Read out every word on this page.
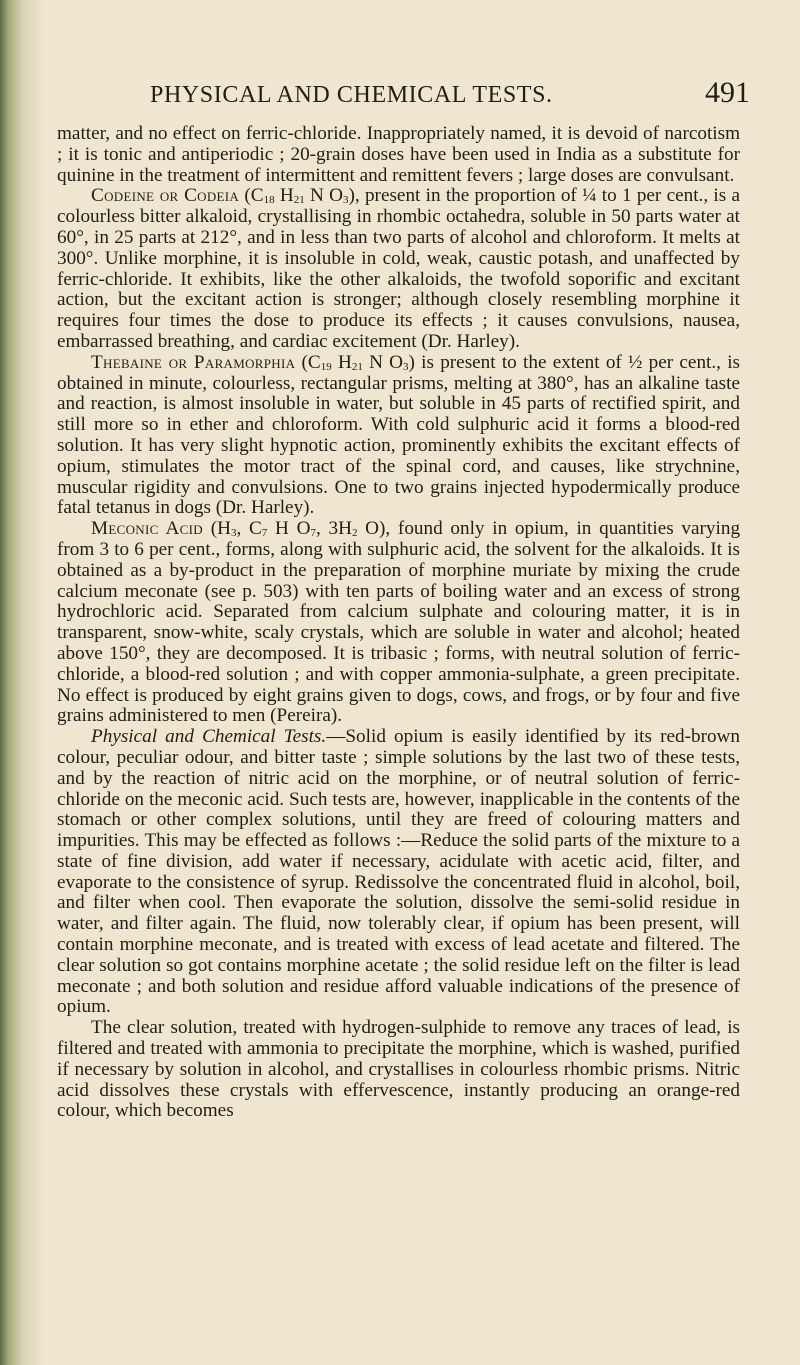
PHYSICAL AND CHEMICAL TESTS.	491

matter, and no effect on ferric-chloride. Inappropriately named, it is devoid of narcotism ; it is tonic and antiperiodic ; 20-grain doses have been used in India as a substitute for quinine in the treatment of intermittent and remittent fevers ; large doses are convulsant.

Codeine or Codeia ($C_{18}$ $H_{21}$ N $O_3$), present in the proportion of ¼ to 1 per cent., is a colourless bitter alkaloid, crystallising in rhombic octahedra, soluble in 50 parts water at 60°, in 25 parts at 212°, and in less than two parts of alcohol and chloroform. It melts at 300°. Unlike morphine, it is insoluble in cold, weak, caustic potash, and unaffected by ferric-chloride. It exhibits, like the other alkaloids, the twofold soporific and excitant action, but the excitant action is stronger; although closely resembling morphine it requires four times the dose to produce its effects ; it causes convulsions, nausea, embarrassed breathing, and cardiac excitement (Dr. Harley).

Thebaine or Paramorphia ($C_{19}$ $H_{21}$ N $O_3$) is present to the extent of ½ per cent., is obtained in minute, colourless, rectangular prisms, melting at 380°, has an alkaline taste and reaction, is almost insoluble in water, but soluble in 45 parts of rectified spirit, and still more so in ether and chloroform. With cold sulphuric acid it forms a blood-red solution. It has very slight hypnotic action, prominently exhibits the excitant effects of opium, stimulates the motor tract of the spinal cord, and causes, like strychnine, muscular rigidity and convulsions. One to two grains injected hypodermically produce fatal tetanus in dogs (Dr. Harley).

Meconic Acid ($H_3$, $C_7$ H $O_7$, $3H_2$ O), found only in opium, in quantities varying from 3 to 6 per cent., forms, along with sulphuric acid, the solvent for the alkaloids. It is obtained as a by-product in the preparation of morphine muriate by mixing the crude calcium meconate (see p. 503) with ten parts of boiling water and an excess of strong hydrochloric acid. Separated from calcium sulphate and colouring matter, it is in transparent, snow-white, scaly crystals, which are soluble in water and alcohol; heated above 150°, they are decomposed. It is tribasic ; forms, with neutral solution of ferric-chloride, a blood-red solution ; and with copper ammonia-sulphate, a green precipitate. No effect is produced by eight grains given to dogs, cows, and frogs, or by four and five grains administered to men (Pereira).

Physical and Chemical Tests.—Solid opium is easily identified by its red-brown colour, peculiar odour, and bitter taste ; simple solutions by the last two of these tests, and by the reaction of nitric acid on the morphine, or of neutral solution of ferric-chloride on the meconic acid. Such tests are, however, inapplicable in the contents of the stomach or other complex solutions, until they are freed of colouring matters and impurities. This may be effected as follows :—Reduce the solid parts of the mixture to a state of fine division, add water if necessary, acidulate with acetic acid, filter, and evaporate to the consistence of syrup. Redissolve the concentrated fluid in alcohol, boil, and filter when cool. Then evaporate the solution, dissolve the semi-solid residue in water, and filter again. The fluid, now tolerably clear, if opium has been present, will contain morphine meconate, and is treated with excess of lead acetate and filtered. The clear solution so got contains morphine acetate ; the solid residue left on the filter is lead meconate ; and both solution and residue afford valuable indications of the presence of opium.

The clear solution, treated with hydrogen-sulphide to remove any traces of lead, is filtered and treated with ammonia to precipitate the morphine, which is washed, purified if necessary by solution in alcohol, and crystallises in colourless rhombic prisms. Nitric acid dissolves these crystals with effervescence, instantly producing an orange-red colour, which becomes
